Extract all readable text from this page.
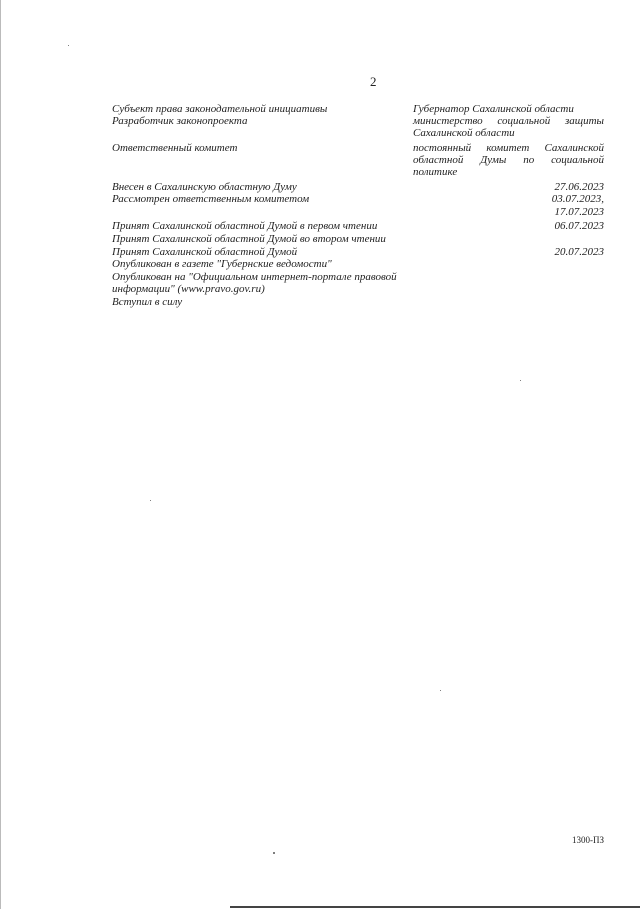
2
Субъект права законодательной инициативы
Разработчик законопроекта
Ответственный комитет
Внесен в Сахалинскую областную Думу
Рассмотрен ответственным комитетом
Принят Сахалинской областной Думой в первом чтении
Принят Сахалинской областной Думой во втором чтении
Принят Сахалинской областной Думой
Опубликован в газете "Губернские ведомости"
Опубликован на "Официальном интернет-портале правовой
информации" (www.pravo.gov.ru)
Вступил в силу
Губернатор Сахалинской области
министерство социальной защиты
Сахалинской области
постоянный комитет Сахалинской
областной Думы по социальной
политике
27.06.2023
03.07.2023,
17.07.2023
06.07.2023
20.07.2023
1300-ПЗ
